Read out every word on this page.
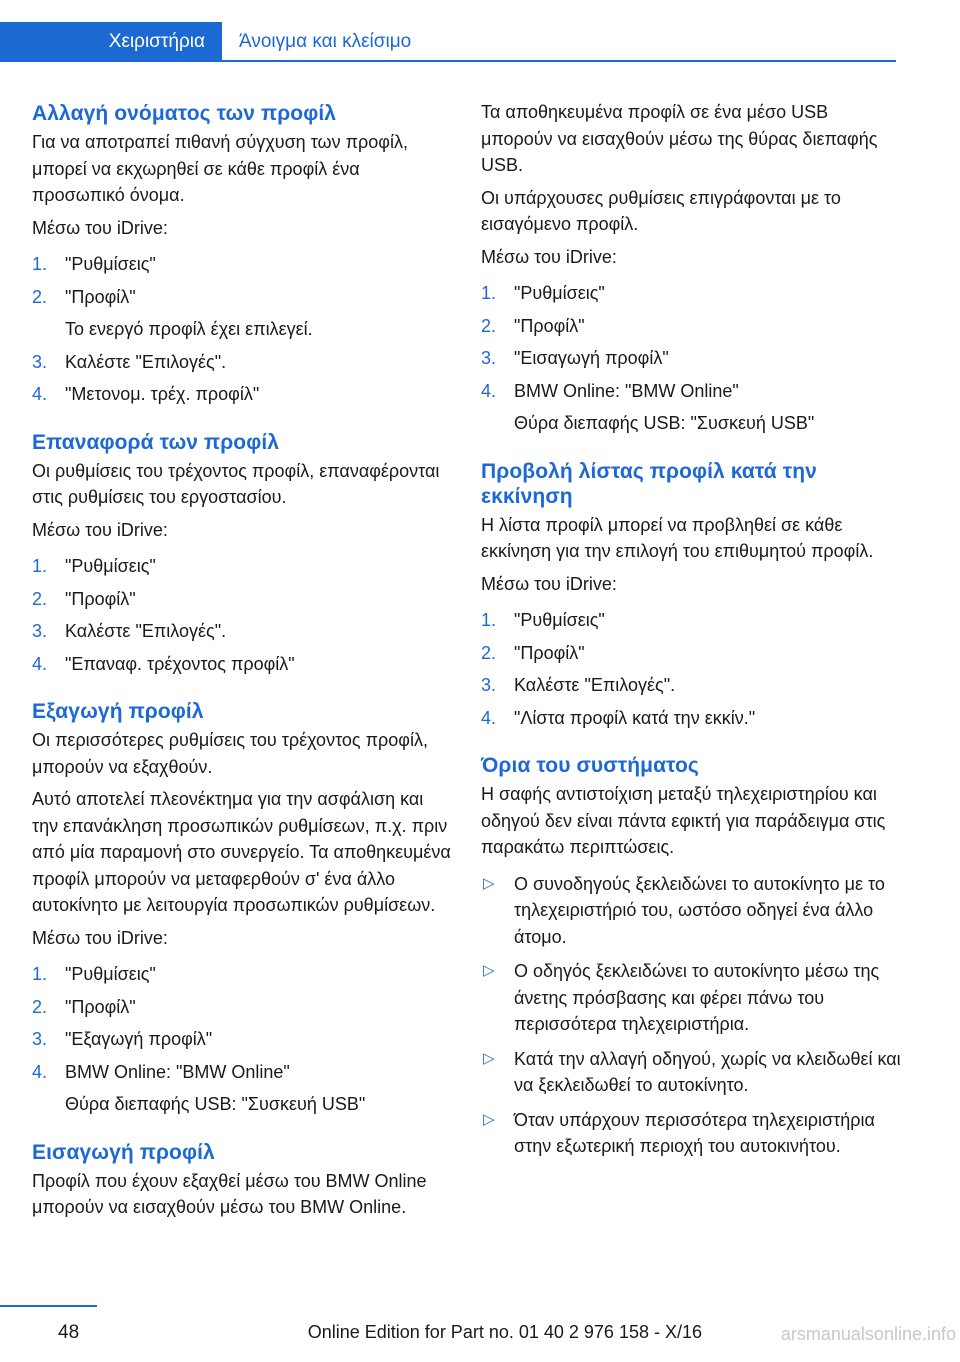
Χειριστήρια	Άνοιγμα και κλείσιμο
Αλλαγή ονόματος των προφίλ

Για να αποτραπεί πιθανή σύγχυση των προφίλ, μπορεί να εκχωρηθεί σε κάθε προφίλ ένα προσωπικό όνομα.

Μέσω του iDrive:

1. "Ρυθμίσεις"
2. "Προφίλ"
Το ενεργό προφίλ έχει επιλεγεί.
3. Καλέστε "Επιλογές".
4. "Μετονομ. τρέχ. προφίλ"
Επαναφορά των προφίλ

Οι ρυθμίσεις του τρέχοντος προφίλ, επαναφέρονται στις ρυθμίσεις του εργοστασίου.

Μέσω του iDrive:

1. "Ρυθμίσεις"
2. "Προφίλ"
3. Καλέστε "Επιλογές".
4. "Επαναφ. τρέχοντος προφίλ"
Εξαγωγή προφίλ

Οι περισσότερες ρυθμίσεις του τρέχοντος προφίλ, μπορούν να εξαχθούν.

Αυτό αποτελεί πλεονέκτημα για την ασφάλιση και την επανάκληση προσωπικών ρυθμίσεων, π.χ. πριν από μία παραμονή στο συνεργείο. Τα αποθηκευμένα προφίλ μπορούν να μεταφερθούν σ' ένα άλλο αυτοκίνητο με λειτουργία προσωπικών ρυθμίσεων.

Μέσω του iDrive:

1. "Ρυθμίσεις"
2. "Προφίλ"
3. "Εξαγωγή προφίλ"
4. BMW Online: "BMW Online"
Θύρα διεπαφής USB: "Συσκευή USB"
Εισαγωγή προφίλ

Προφίλ που έχουν εξαχθεί μέσω του BMW Online μπορούν να εισαχθούν μέσω του BMW Online.

Τα αποθηκευμένα προφίλ σε ένα μέσο USB μπορούν να εισαχθούν μέσω της θύρας διεπαφής USB.

Οι υπάρχουσες ρυθμίσεις επιγράφονται με το εισαγόμενο προφίλ.

Μέσω του iDrive:

1. "Ρυθμίσεις"
2. "Προφίλ"
3. "Εισαγωγή προφίλ"
4. BMW Online: "BMW Online"
Θύρα διεπαφής USB: "Συσκευή USB"
Προβολή λίστας προφίλ κατά την εκκίνηση

Η λίστα προφίλ μπορεί να προβληθεί σε κάθε εκκίνηση για την επιλογή του επιθυμητού προφίλ.

Μέσω του iDrive:

1. "Ρυθμίσεις"
2. "Προφίλ"
3. Καλέστε "Επιλογές".
4. "Λίστα προφίλ κατά την εκκίν."
Όρια του συστήματος

Η σαφής αντιστοίχιση μεταξύ τηλεχειριστηρίου και οδηγού δεν είναι πάντα εφικτή για παράδειγμα στις παρακάτω περιπτώσεις.

▷ Ο συνοδηγούς ξεκλειδώνει το αυτοκίνητο με το τηλεχειριστήριό του, ωστόσο οδηγεί ένα άλλο άτομο.
▷ Ο οδηγός ξεκλειδώνει το αυτοκίνητο μέσω της άνετης πρόσβασης και φέρει πάνω του περισσότερα τηλεχειριστήρια.
▷ Κατά την αλλαγή οδηγού, χωρίς να κλειδωθεί και να ξεκλειδωθεί το αυτοκίνητο.
▷ Όταν υπάρχουν περισσότερα τηλεχειριστήρια στην εξωτερική περιοχή του αυτοκινήτου.
48	Online Edition for Part no. 01 40 2 976 158 - X/16	arsmanualsonline.info
